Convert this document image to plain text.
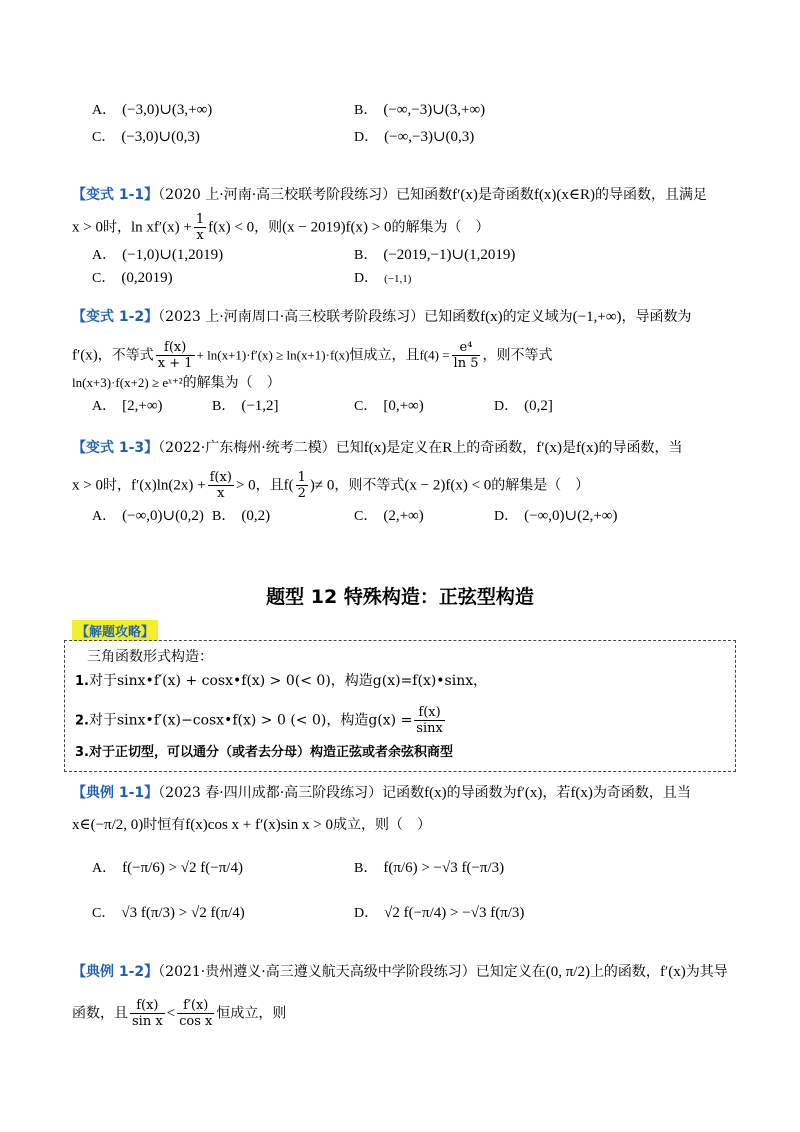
A． (−3,0)∪(3,+∞)	B． (−∞,−3)∪(3,+∞)
C． (−3,0)∪(0,3)	D． (−∞,−3)∪(0,3)
【变式 1-1】（2020 上·河南·高三校联考阶段练习）已知函数f′(x)是奇函数f(x)(x∈R)的导函数，且满足
x > 0时，$\ln xf'(x) + \frac{1}{x} f(x) < 0$，则(x − 2019)f(x) > 0的解集为（　）
A． (−1,0)∪(1,2019)	B． (−2019,−1)∪(1,2019)
C． (0,2019)	D． (−1,1)
【变式 1-2】（2023 上·河南周口·高三校联考阶段练习）已知函数f(x)的定义域为(−1,+∞)，导函数为
f′(x)，不等式 $\frac{f(x)}{x + 1} + \ln(x+1)\cdot f'(x) \ge \ln(x+1)\cdot f(x)$恒成立，且$f(4) = \frac{\text{e⁴}}{\ln 5}$ ，则不等式
ln(x+3)·f(x+2) ≥ eˣ⁺²的解集为（　）
A． [2,+∞)	B． (−1,2]	C． [0,+∞)	D． (0,2]
【变式 1-3】（2022·广东梅州·统考二模）已知f(x)是定义在R上的奇函数，f′(x)是f(x)的导函数，当
x > 0时，$f'(x)\ln(2x) + \frac{f(x)}{x} > 0$，且$f( \frac{1}{2}$ )≠ 0，则不等式(x − 2)f(x) < 0的解集是（　）
A． (−∞,0)∪(0,2) B． (0,2)	C． (2,+∞)	D． (−∞,0)∪(2,+∞)
题型 12 特殊构造：正弦型构造
【解题攻略】
三角函数形式构造：
1.对于sinx•f′(x) + cosx•f(x) > 0(< 0)，构造g(x)=f(x)•sinx，
2.对于sinx•f′(x)−cosx•f(x) > 0 (< 0)，构造$g(x) = \frac{f(x)}{\sin x}$
3.对于正切型，可以通分（或者去分母）构造正弦或者余弦积商型
【典例 1-1】（2023 春·四川成都·高三阶段练习）记函数f(x)的导函数为f′(x)，若f(x)为奇函数，且当
x∈(−π/2, 0)时恒有f(x)cos x + f′(x)sin x > 0成立，则（　）
A． f(−π/6) > √2 f(−π/4)	B． f(π/6) > −√3 f(−π/3)
C． √3 f(π/3) > √2 f(π/4)	D． √2 f(−π/4) > −√3 f(π/3)
【典例 1-2】（2021·贵州遵义·高三遵义航天高级中学阶段练习）已知定义在(0, π/2)上的函数，f′(x)为其导
函数，且 $\frac{f(x)}{\text{sin x}} < \frac{f'(x)}{\text{cos x}}$ 恒成立，则
